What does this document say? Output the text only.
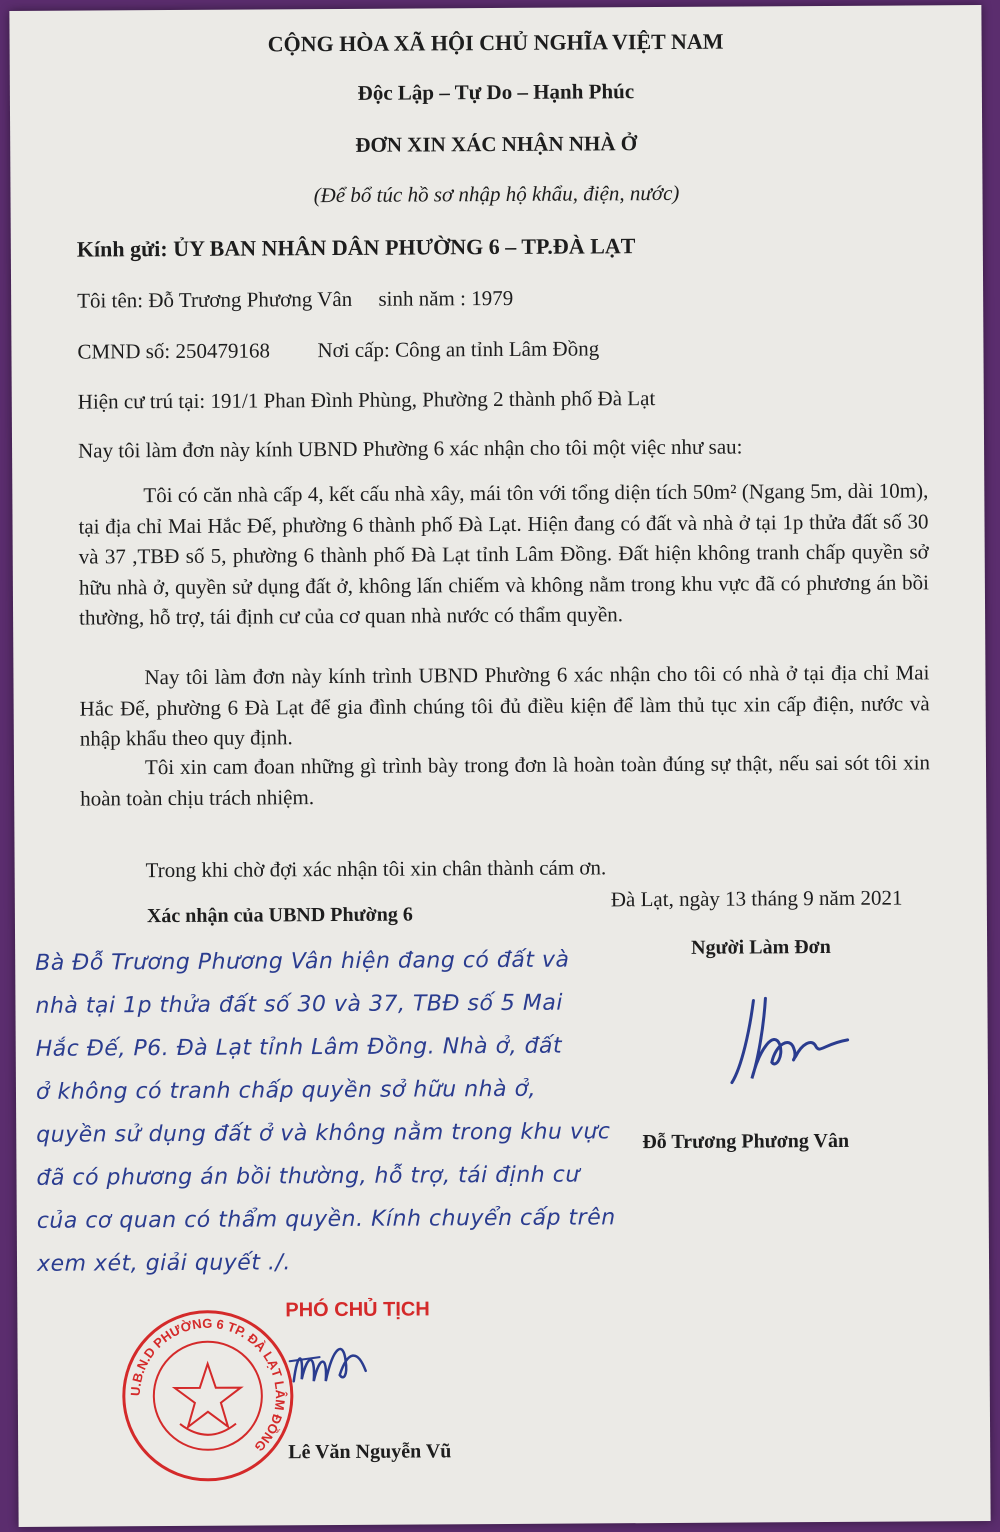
CỘNG HÒA XÃ HỘI CHỦ NGHĨA VIỆT NAM
Độc Lập – Tự Do – Hạnh Phúc
ĐƠN XIN XÁC NHẬN NHÀ Ở
(Để bổ túc hồ sơ nhập hộ khẩu, điện, nước)
Kính gửi: ỦY BAN NHÂN DÂN PHƯỜNG 6 – TP.ĐÀ LẠT
Tôi tên: Đỗ Trương Phương Vân     sinh năm : 1979
CMND số: 250479168 Nơi cấp: Công an tỉnh Lâm Đồng
Hiện cư trú tại: 191/1 Phan Đình Phùng, Phường 2 thành phố Đà Lạt
Nay tôi làm đơn này kính UBND Phường 6 xác nhận cho tôi một việc như sau:
Tôi có căn nhà cấp 4, kết cấu nhà xây, mái tôn với tổng diện tích 50m² (Ngang 5m, dài 10m), tại địa chỉ Mai Hắc Đế, phường 6 thành phố Đà Lạt. Hiện đang có đất và nhà ở tại 1p thửa đất số 30 và 37 ,TBĐ số 5, phường 6 thành phố Đà Lạt tỉnh Lâm Đồng. Đất hiện không tranh chấp quyền sở hữu nhà ở, quyền sử dụng đất ở, không lấn chiếm và không nằm trong khu vực đã có phương án bồi thường, hỗ trợ, tái định cư của cơ quan nhà nước có thẩm quyền.
Nay tôi làm đơn này kính trình UBND Phường 6 xác nhận cho tôi có nhà ở tại địa chỉ Mai Hắc Đế, phường 6 Đà Lạt để gia đình chúng tôi đủ điều kiện để làm thủ tục xin cấp điện, nước và nhập khẩu theo quy định.
Tôi xin cam đoan những gì trình bày trong đơn là hoàn toàn đúng sự thật, nếu sai sót tôi xin hoàn toàn chịu trách nhiệm.
Trong khi chờ đợi xác nhận tôi xin chân thành cám ơn.
Đà Lạt, ngày 13 tháng 9 năm 2021
Xác nhận của UBND Phường 6
Người Làm Đơn
Đỗ Trương Phương Vân
Bà Đỗ Trương Phương Vân hiện đang có đất và
nhà tại 1p thửa đất số 30 và 37, TBĐ số 5 Mai
Hắc Đế, P6. Đà Lạt tỉnh Lâm Đồng. Nhà ở, đất
ở không có tranh chấp quyền sở hữu nhà ở,
quyền sử dụng đất ở và không nằm trong khu vực
đã có phương án bồi thường, hỗ trợ, tái định cư
của cơ quan có thẩm quyền. Kính chuyển cấp trên
xem xét, giải quyết ./.
PHÓ CHỦ TỊCH
U.B.N.D PHƯỜNG 6 TP. ĐÀ LẠT LÂM ĐỒNG Lê Văn Nguyễn Vũ
